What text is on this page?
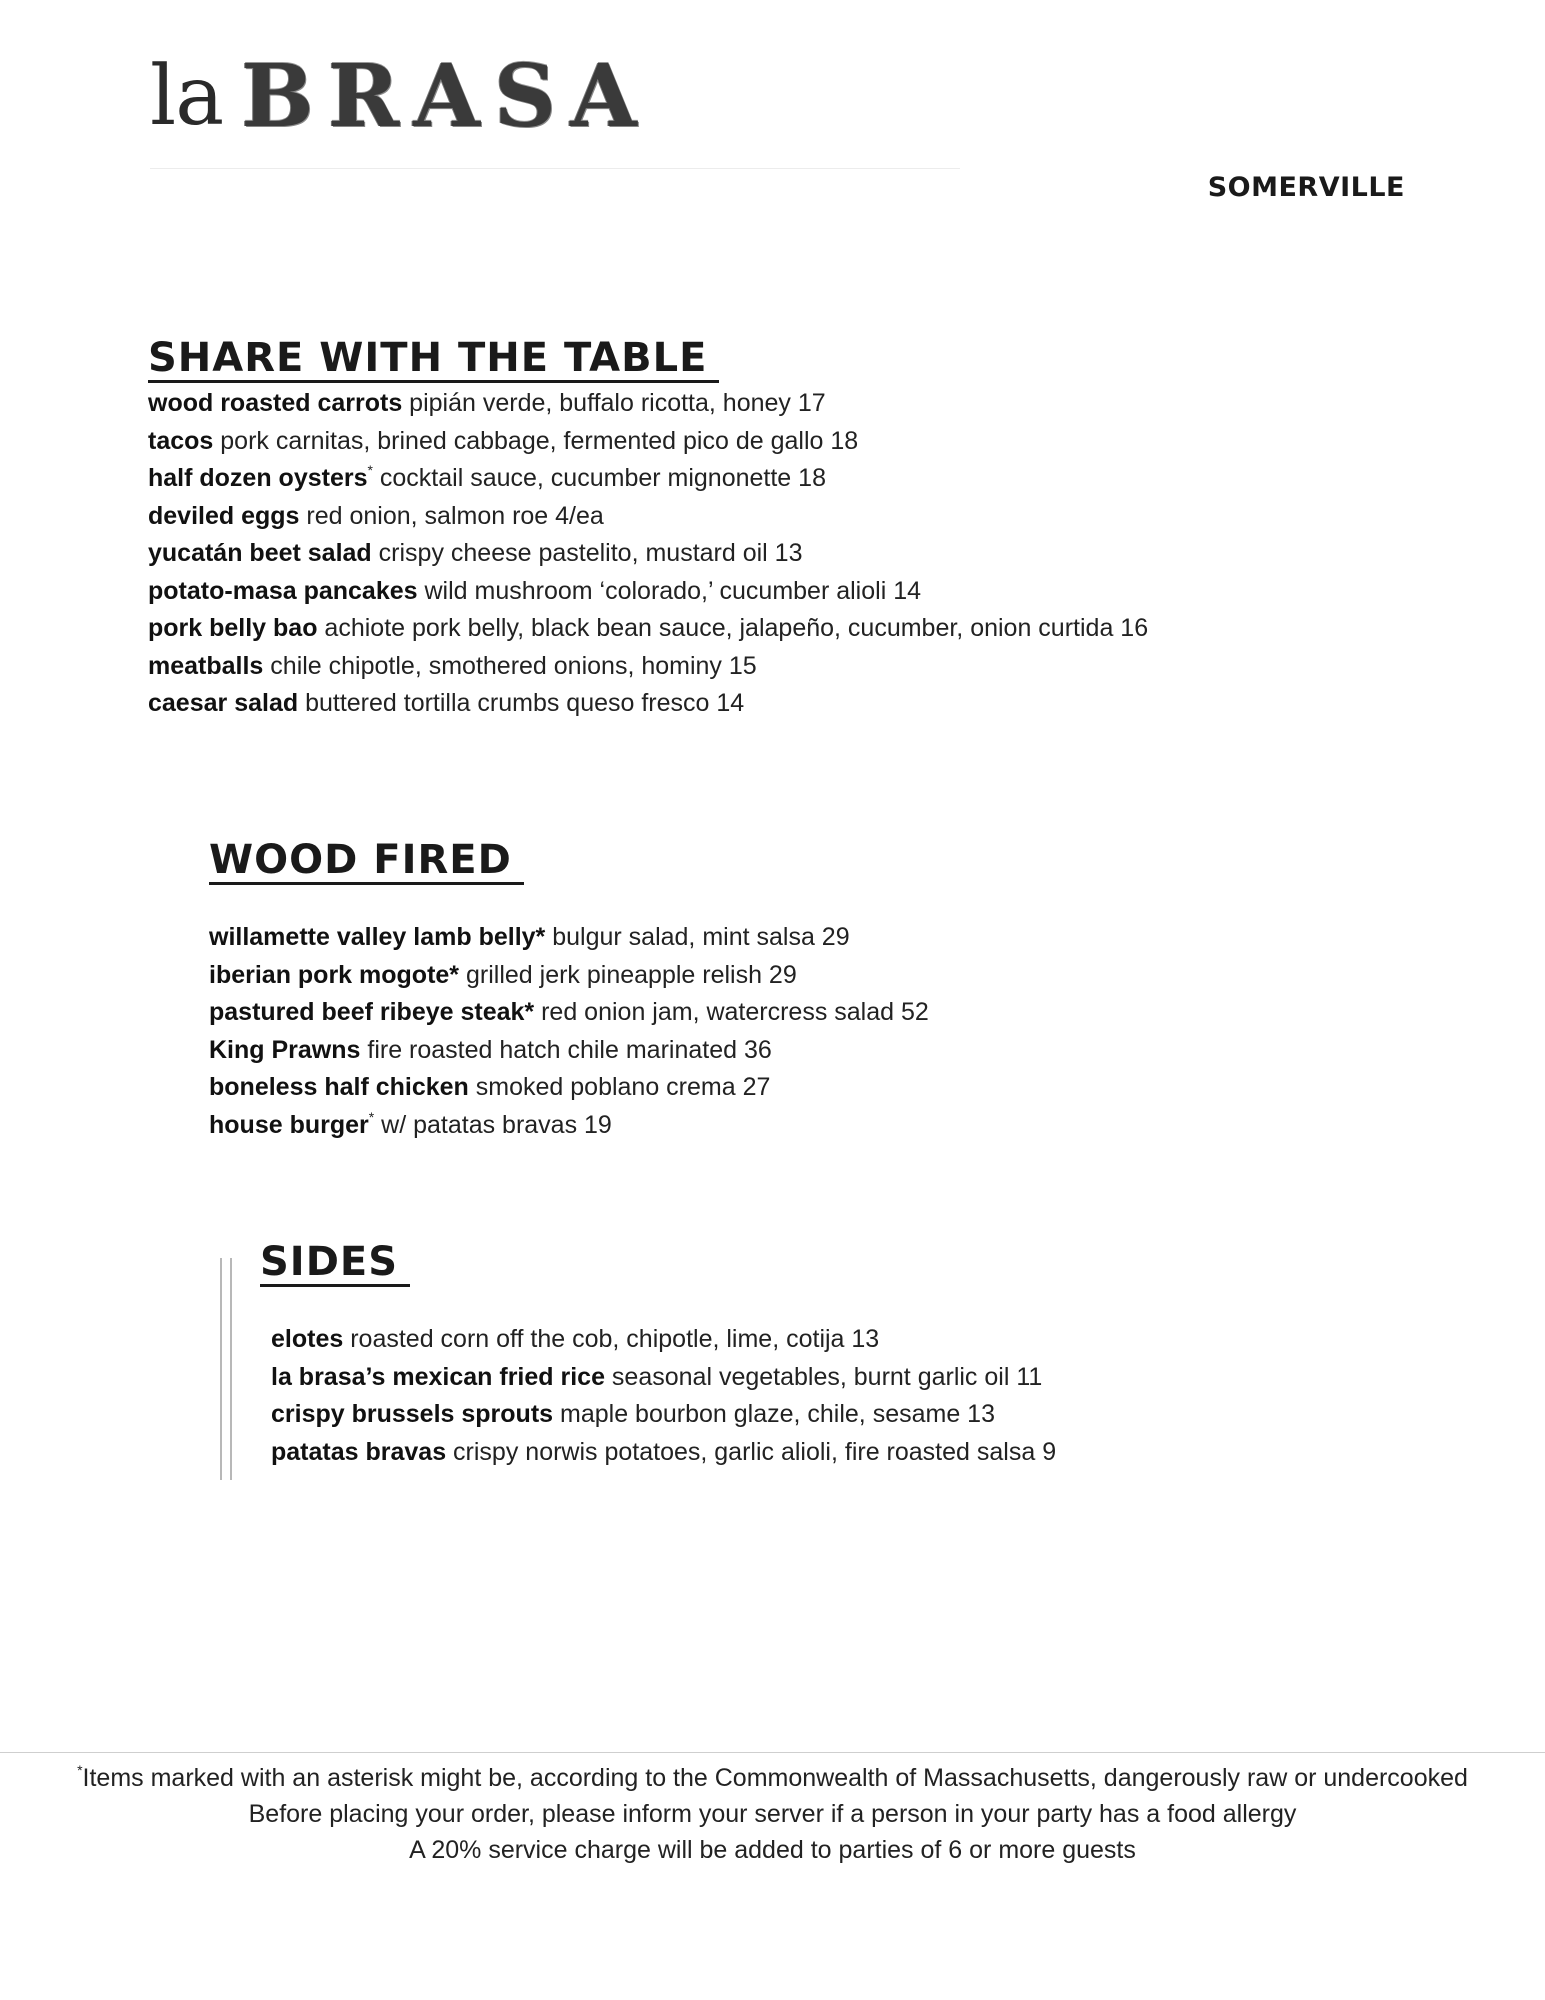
la BRASA
SOMERVILLE
SHARE WITH THE TABLE
wood roasted carrots pipián verde, buffalo ricotta, honey 17
tacos pork carnitas, brined cabbage, fermented pico de gallo 18
half dozen oysters* cocktail sauce, cucumber mignonette 18
deviled eggs red onion, salmon roe 4/ea
yucatán beet salad crispy cheese pastelito, mustard oil 13
potato-masa pancakes wild mushroom ‘colorado,’ cucumber alioli 14
pork belly bao achiote pork belly, black bean sauce, jalapeño, cucumber, onion curtida 16
meatballs chile chipotle, smothered onions, hominy 15
caesar salad buttered tortilla crumbs queso fresco 14
WOOD FIRED
willamette valley lamb belly* bulgur salad, mint salsa 29
iberian pork mogote* grilled jerk pineapple relish 29
pastured beef ribeye steak* red onion jam, watercress salad 52
King Prawns fire roasted hatch chile marinated 36
boneless half chicken smoked poblano crema 27
house burger* w/ patatas bravas 19
SIDES
elotes roasted corn off the cob, chipotle, lime, cotija 13
la brasa’s mexican fried rice seasonal vegetables, burnt garlic oil 11
crispy brussels sprouts maple bourbon glaze, chile, sesame 13
patatas bravas crispy norwis potatoes, garlic alioli, fire roasted salsa 9
*Items marked with an asterisk might be, according to the Commonwealth of Massachusetts, dangerously raw or undercooked
Before placing your order, please inform your server if a person in your party has a food allergy
A 20% service charge will be added to parties of 6 or more guests
